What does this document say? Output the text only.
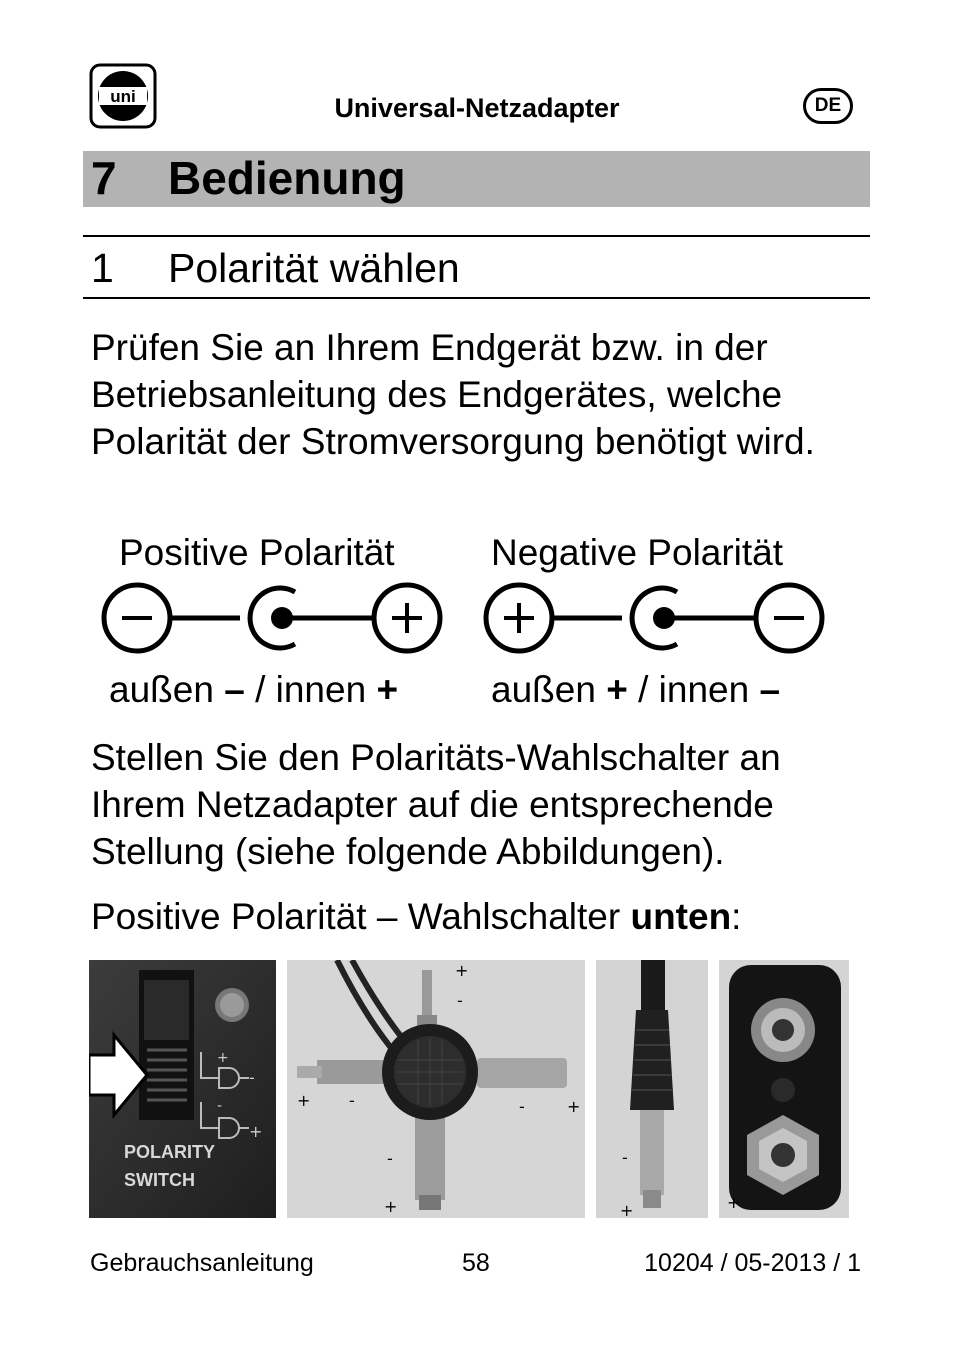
uni	Universal-Netzadapter	DE
7 Bedienung
1 Polarität wählen
Prüfen Sie an Ihrem Endgerät bzw. in der Betriebsanleitung des Endgerätes, welche Polarität der Stromversorgung benötigt wird.
Positive Polarität	Negative Polarität
außen – / innen +	außen + / innen –
Stellen Sie den Polaritäts-Wahlschalter an Ihrem Netzadapter auf die entsprechende Stellung (siehe folgende Abbildungen).
Positive Polarität – Wahlschalter unten:
-
+
+
-
POLARITY
SWITCH
+
-
+ -	-	+
-
+
-
+	+
Gebrauchsanleitung	58	10204 / 05-2013 / 1
